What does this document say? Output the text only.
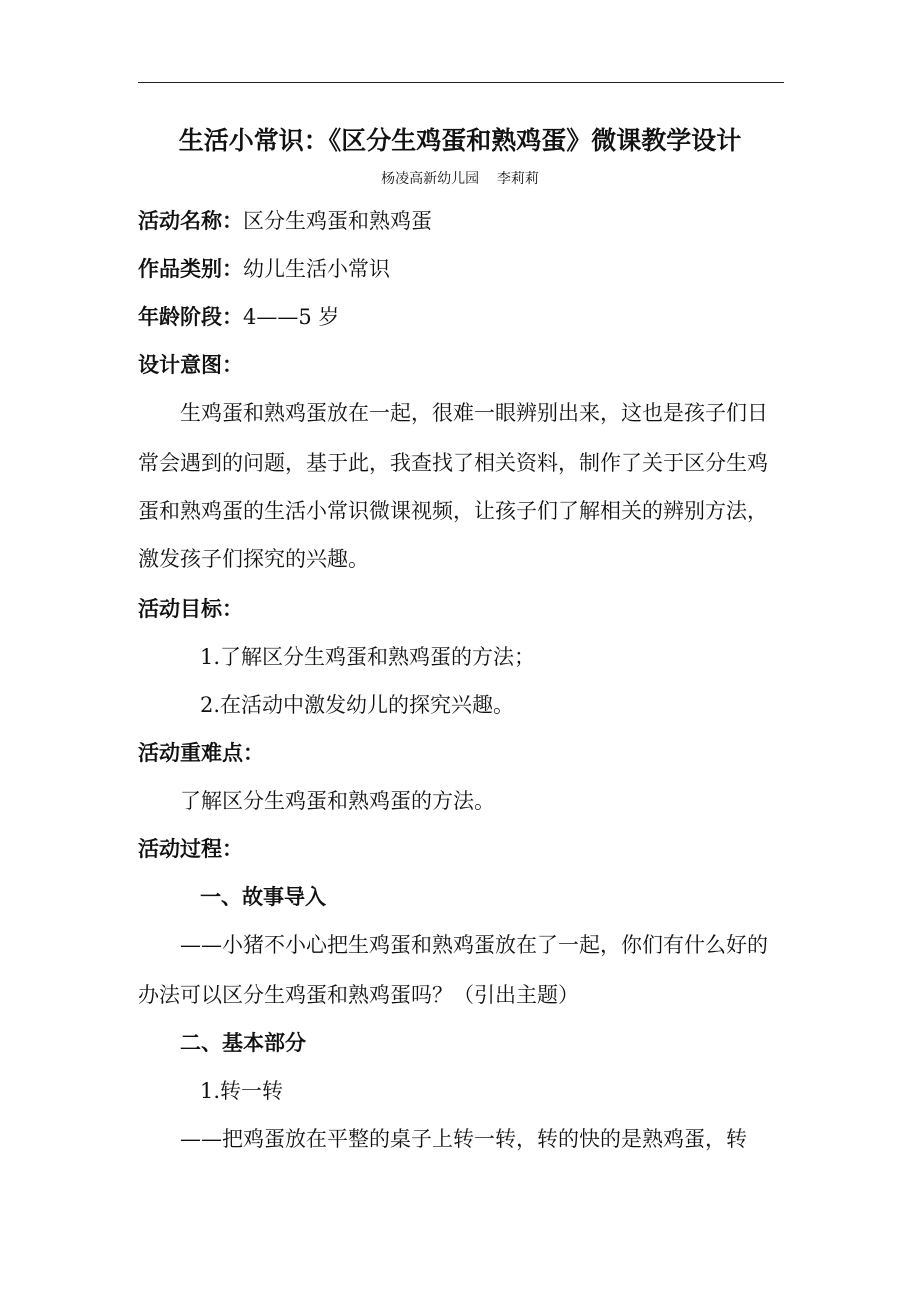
生活小常识：《区分生鸡蛋和熟鸡蛋》微课教学设计
杨凌高新幼儿园    李莉莉
活动名称：区分生鸡蛋和熟鸡蛋
作品类别：幼儿生活小常识
年龄阶段：4——5 岁
设计意图：
生鸡蛋和熟鸡蛋放在一起，很难一眼辨别出来，这也是孩子们日
常会遇到的问题，基于此，我查找了相关资料，制作了关于区分生鸡
蛋和熟鸡蛋的生活小常识微课视频，让孩子们了解相关的辨别方法，
激发孩子们探究的兴趣。
活动目标：
1.了解区分生鸡蛋和熟鸡蛋的方法；
2.在活动中激发幼儿的探究兴趣。
活动重难点：
了解区分生鸡蛋和熟鸡蛋的方法。
活动过程：
一、故事导入
——小猪不小心把生鸡蛋和熟鸡蛋放在了一起，你们有什么好的
办法可以区分生鸡蛋和熟鸡蛋吗？（引出主题）
二、基本部分
1.转一转
——把鸡蛋放在平整的桌子上转一转，转的快的是熟鸡蛋，转
